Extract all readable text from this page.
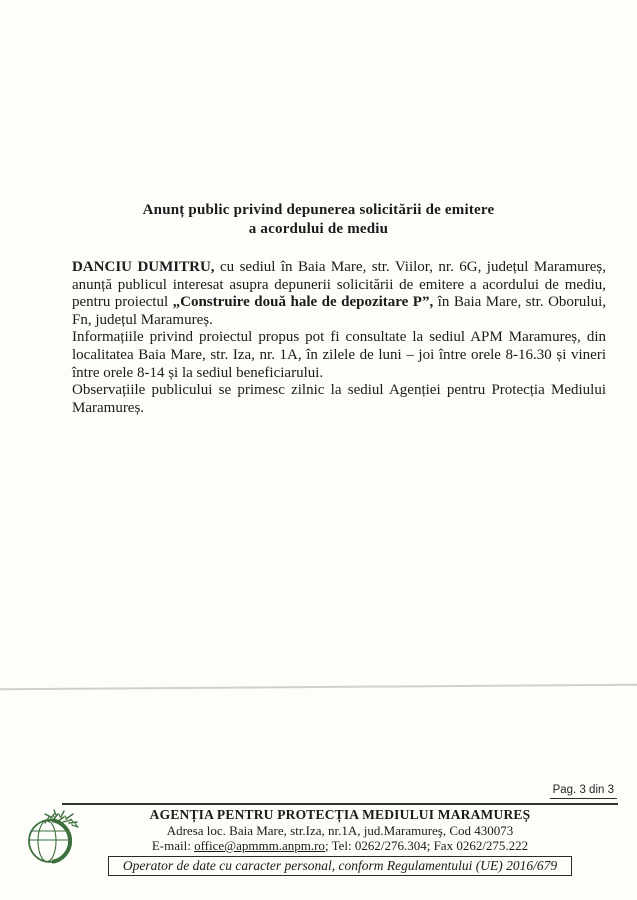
Anunț public privind depunerea solicitării de emitere
a acordului de mediu

DANCIU DUMITRU, cu sediul în Baia Mare, str. Viilor, nr. 6G, județul Maramureș, anunță publicul interesat asupra depunerii solicitării de emitere a acordului de mediu, pentru proiectul „Construire două hale de depozitare P”, în Baia Mare, str. Oborului, Fn, județul Maramureș.

Informațiile privind proiectul propus pot fi consultate la sediul APM Maramureș, din localitatea Baia Mare, str. Iza, nr. 1A, în zilele de luni – joi între orele 8-16.30 și vineri între orele 8-14 și la sediul beneficiarului.

Observațiile publicului se primesc zilnic la sediul Agenției pentru Protecția Mediului Maramureș.

Pag. 3 din 3
AGENȚIA PENTRU PROTECȚIA MEDIULUI MARAMUREȘ
Adresa loc. Baia Mare, str.Iza, nr.1A, jud.Maramureş, Cod 430073
E-mail: office@apmmm.anpm.ro; Tel: 0262/276.304; Fax 0262/275.222
Operator de date cu caracter personal, conform Regulamentului (UE) 2016/679
